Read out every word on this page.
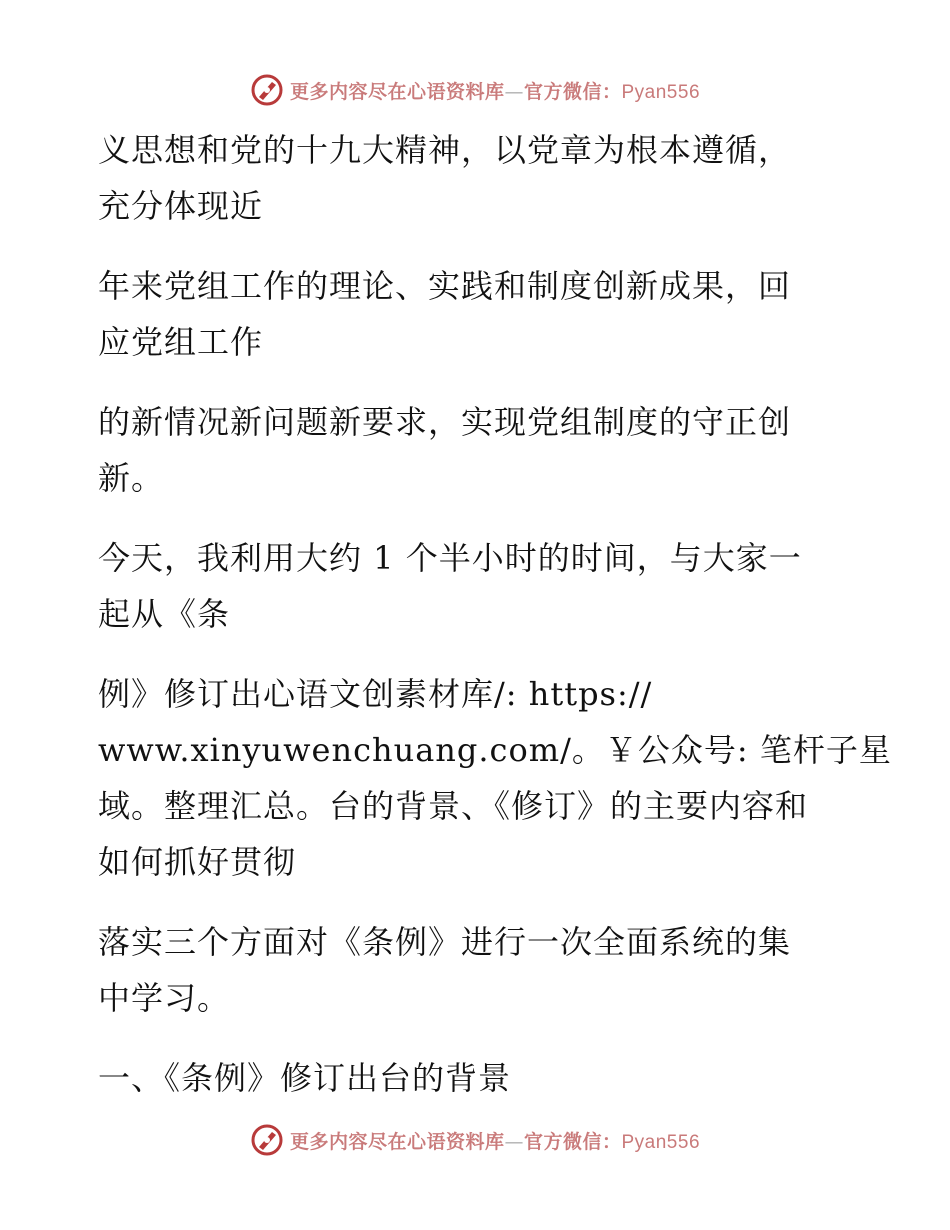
更多内容尽在心语资料库—官方微信：Pyan556
义思想和党的十九大精神，以党章为根本遵循，
充分体现近
年来党组工作的理论、实践和制度创新成果，回
应党组工作
的新情况新问题新要求，实现党组制度的守正创
新。
今天，我利用大约 1 个半小时的时间，与大家一
起从《条
例》修订出心语文创素材库/: https://
www.xinyuwenchuang.com/。￥公众号: 笔杆子星
域。整理汇总。台的背景、《修订》的主要内容和
如何抓好贯彻
落实三个方面对《条例》进行一次全面系统的集
中学习。
一、《条例》修订出台的背景
更多内容尽在心语资料库—官方微信：Pyan556
